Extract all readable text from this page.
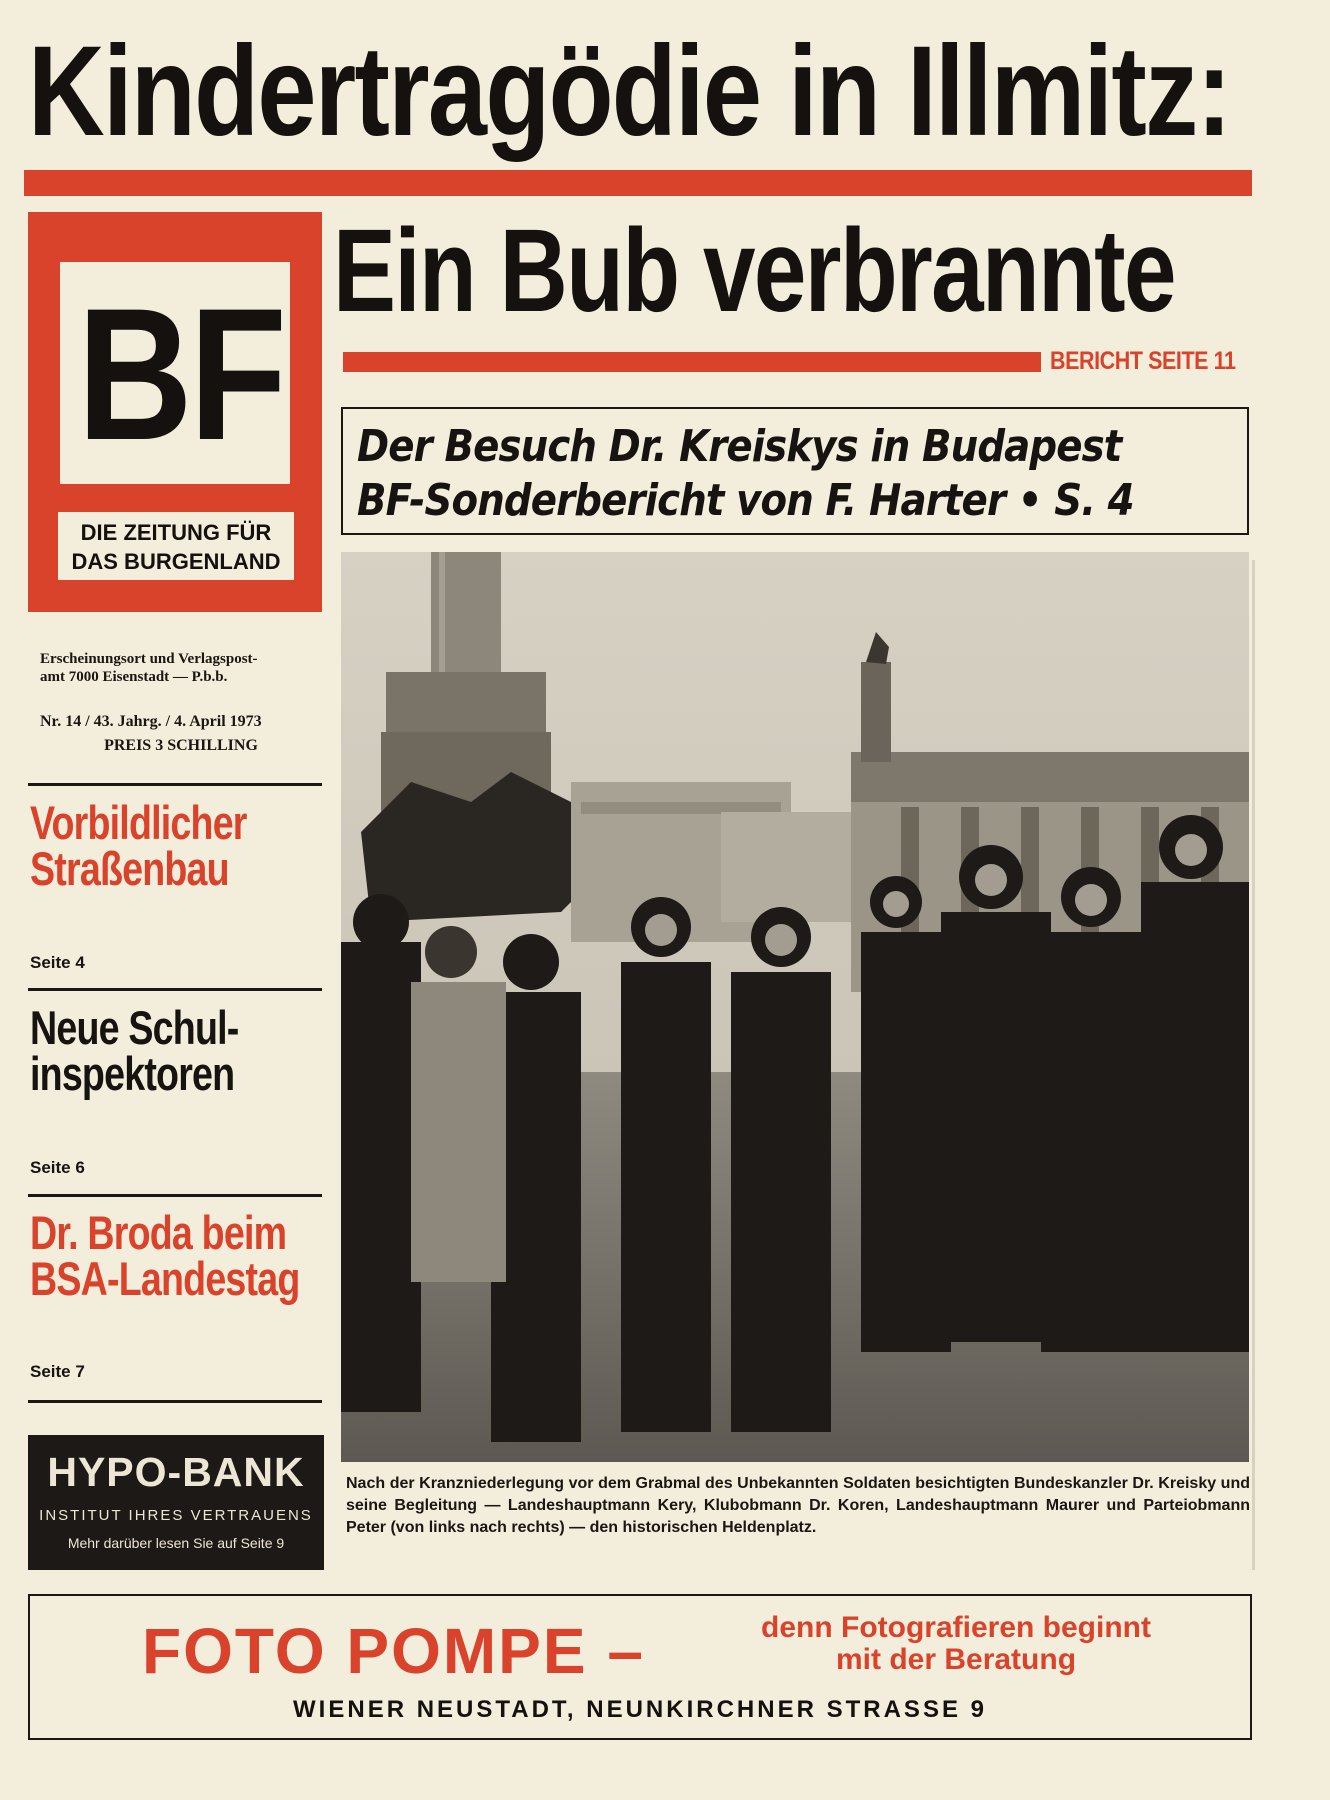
Kindertragödie in Illmitz:
Ein Bub verbrannte
BERICHT SEITE 11
BF
DIE ZEITUNG FÜR
DAS BURGENLAND
Erscheinungsort und Verlagspost-
amt 7000 Eisenstadt — P.b.b.
Nr. 14 / 43. Jahrg. / 4. April 1973
PREIS 3 SCHILLING
Vorbildlicher
Straßenbau
Seite 4
Neue Schul-
inspektoren
Seite 6
Dr. Broda beim
BSA-Landestag
Seite 7
HYPO-BANK
INSTITUT IHRES VERTRAUENS
Mehr darüber lesen Sie auf Seite 9
Der Besuch Dr. Kreiskys in Budapest
BF-Sonderbericht von F. Harter • S. 4
Nach der Kranzniederlegung vor dem Grabmal des Unbekannten Soldaten besichtigten Bundeskanzler Dr. Kreisky und seine Begleitung — Landeshauptmann Kery, Klubobmann Dr. Koren, Landeshauptmann Maurer und Parteiobmann Peter (von links nach rechts) — den historischen Heldenplatz.
FOTO POMPE –	denn Fotografieren beginnt
mit der Beratung
WIENER NEUSTADT, NEUNKIRCHNER STRASSE 9
